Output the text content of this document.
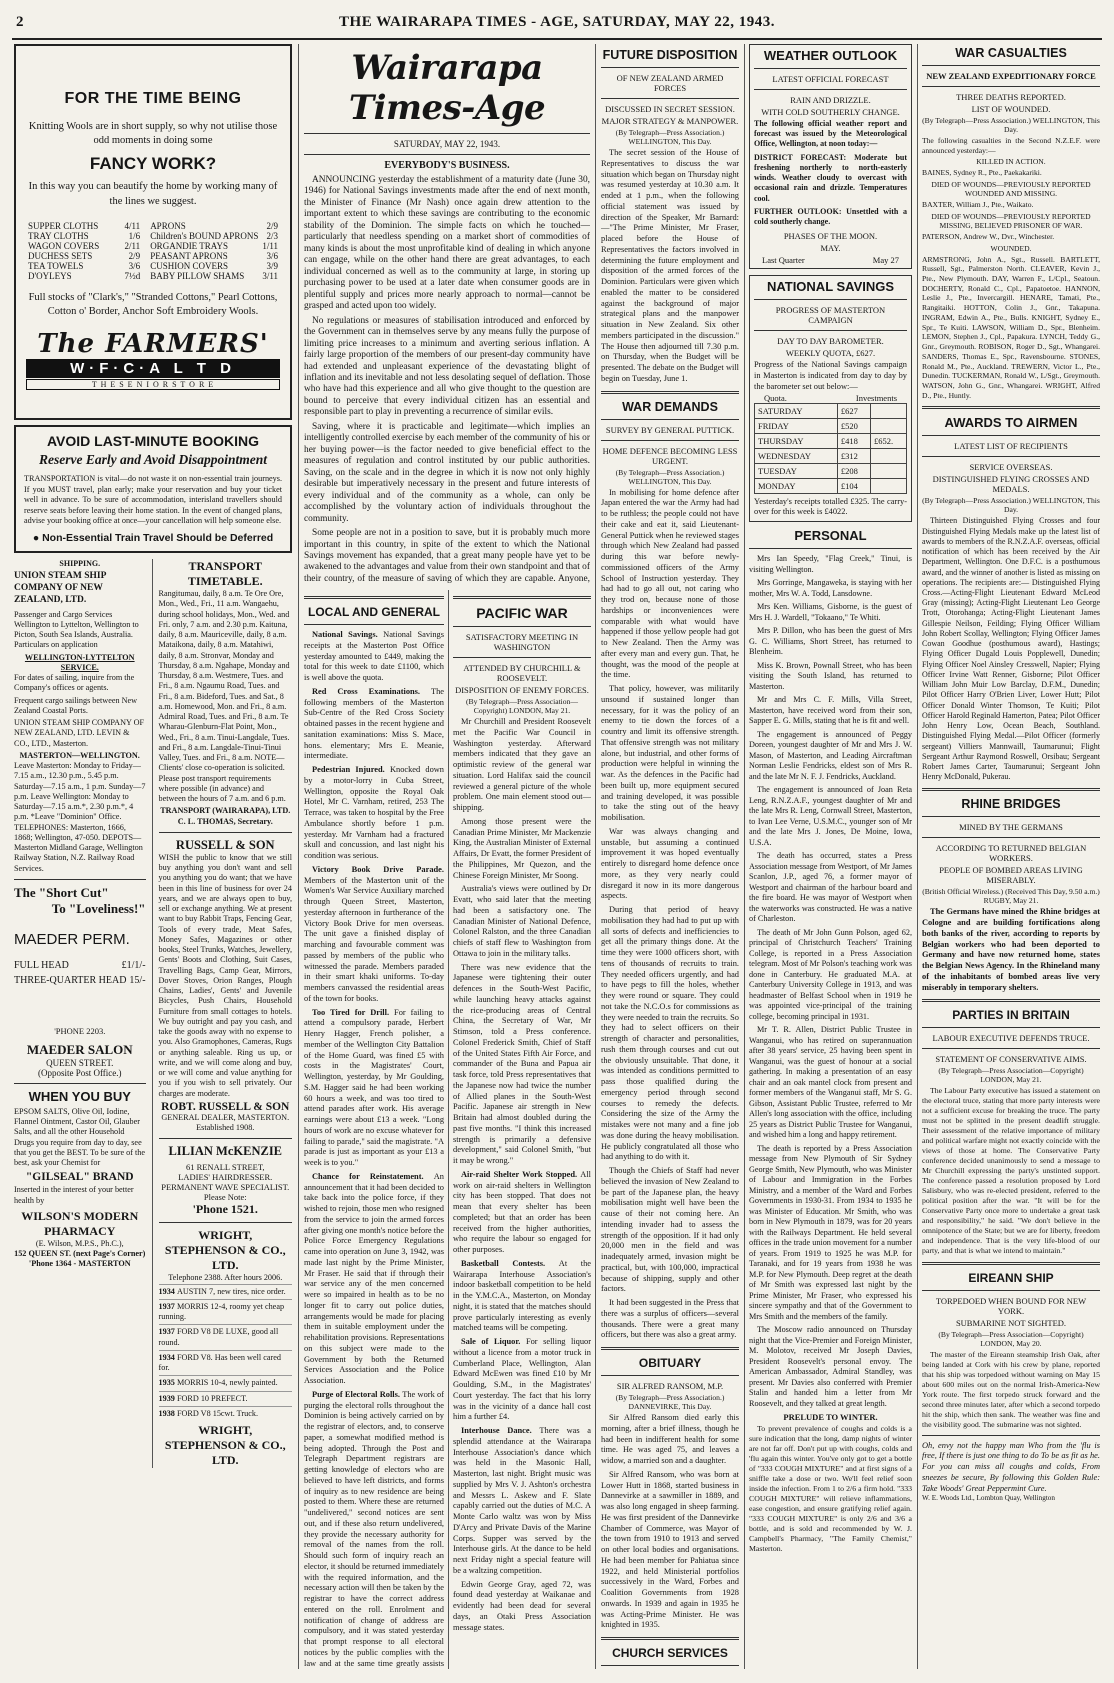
2	THE WAIRARAPA TIMES - AGE, SATURDAY, MAY 22, 1943.
FOR THE TIME BEING
Knitting Wools are in short supply, so why not utilise those odd moments in doing some
FANCY WORK?
In this way you can beautify the home by working many of the lines we suggest.
SUPPER CLOTHS	4/11
TRAY CLOTHS	1/6
WAGON COVERS	2/11
DUCHESS SETS	2/9
TEA TOWELS	3/6
D'OYLEYS	7½d
APRONS	2/9
Children's BOUND APRONS	2/3
ORGANDIE TRAYS	1/11
PEASANT APRONS	3/6
CUSHION COVERS	3/9
BABY PILLOW SHAMS	3/11
Full stocks of "Clark's," "Stranded Cottons," Pearl Cottons, Cotton o' Border, Anchor Soft Embroidery Wools.
The FARMERS'
W·F·C·A L T D
T H E S E N I O R S T O R E
AVOID LAST-MINUTE BOOKING
Reserve Early and Avoid Disappointment
TRANSPORTATION is vital—do not waste it on non-essential train journeys. If you MUST travel, plan early; make your reservation and buy your ticket well in advance. To be sure of accommodation, interisland travellers should reserve seats before leaving their home station. In the event of changed plans, advise your booking office at once—your cancellation will help someone else.
● Non-Essential Train Travel Should be Deferred
SHIPPING.
UNION STEAM SHIP COMPANY OF NEW ZEALAND, LTD.

Passenger and Cargo Services Wellington to Lyttelton, Wellington to Picton, South Sea Islands, Australia. Particulars on application

WELLINGTON-LYTTELTON SERVICE.

For dates of sailing, inquire from the Company's offices or agents.

Frequent cargo sailings between New Zealand Coastal Ports.

UNION STEAM SHIP COMPANY OF NEW ZEALAND, LTD. LEVIN & CO., LTD., Masterton.

MASTERTON—WELLINGTON.

Leave Masterton: Monday to Friday—7.15 a.m., 12.30 p.m., 5.45 p.m. Saturday—7.15 a.m., 1 p.m. Sunday—7 p.m. Leave Wellington: Monday to Saturday—7.15 a.m.*, 2.30 p.m.*, 4 p.m. *Leave "Dominion" Office. TELEPHONES: Masterton, 1666, 1868; Wellington, 47-050. DEPOTS—Masterton Midland Garage, Wellington Railway Station, N.Z. Railway Road Services.

The "Short Cut"
To "Loveliness!"
MAEDER PERM.
FULL HEAD	£1/1/-
THREE-QUARTER HEAD 15/-
'PHONE 2203.
MAEDER SALON
QUEEN STREET.
(Opposite Post Office.)
WHEN YOU BUY
EPSOM SALTS, Olive Oil, Iodine, Flannel Ointment, Castor Oil, Glauber Salts, and all the other Household Drugs you require from day to day, see that you get the BEST. To be sure of the best, ask your Chemist for
"GILSEAL" BRAND
Inserted in the interest of your better health by
WILSON'S MODERN PHARMACY
(E. Wilson, M.P.S., Ph.C.),
152 QUEEN ST. (next Page's Corner) 'Phone 1364 - MASTERTON
TRANSPORT TIMETABLE.
Rangitumau, daily, 8 a.m. Te Ore Ore, Mon., Wed., Fri., 11 a.m. Wangaehu, during school holidays, Mon., Wed. and Fri. only, 7 a.m. and 2.30 p.m. Kaituna, daily, 8 a.m. Mauriceville, daily, 8 a.m. Mataikona, daily, 8 a.m. Matahiwi, daily, 8 a.m. Stronvar, Monday and Thursday, 8 a.m. Ngahape, Monday and Thursday, 8 a.m. Westmere, Tues. and Fri., 8 a.m. Ngaumu Road, Tues. and Fri., 8 a.m. Bideford, Tues. and Sat., 8 a.m. Homewood, Mon. and Fri., 8 a.m. Admiral Road, Tues. and Fri., 8 a.m. Te Wharau-Glenburn-Flat Point, Mon., Wed., Fri., 8 a.m. Tinui-Langdale, Tues. and Fri., 8 a.m. Langdale-Tinui-Tinui Valley, Tues. and Fri., 8 a.m. NOTE—Clients' close co-operation is solicited. Please post transport requirements where possible (in advance) and between the hours of 7 a.m. and 6 p.m.
TRANSPORT (WAIRARAPA), LTD. C. L. THOMAS, Secretary.
RUSSELL & SON
WISH the public to know that we still buy anything you don't want and sell you anything you do want; that we have been in this line of business for over 24 years, and we are always open to buy, sell or exchange anything. We at present want to buy Rabbit Traps, Fencing Gear, Tools of every trade, Meat Safes, Money Safes, Magazines or other books, Steel Trunks, Watches, Jewellery, Gents' Boots and Clothing, Suit Cases, Travelling Bags, Camp Gear, Mirrors, Dover Stoves, Orion Ranges, Plough Chains, Ladies', Gents' and Juvenile Bicycles, Push Chairs, Household Furniture from small cottages to hotels. We buy outright and pay you cash, and take the goods away with no expense to you. Also Gramophones, Cameras, Rugs or anything saleable. Ring us up, or write, and we will come along and buy, or we will come and value anything for you if you wish to sell privately. Our charges are moderate.
ROBT. RUSSELL & SON
GENERAL DEALER, MASTERTON. Established 1908.
LILIAN McKENZIE
61 RENALL STREET,
LADIES' HAIRDRESSER.
PERMANENT WAVE SPECIALIST.
Please Note:
'Phone 1521.
WRIGHT, STEPHENSON & CO., LTD.
Telephone 2388. After hours 2006.
1934 AUSTIN 7, new tires, nice order.
1937 MORRIS 12-4, roomy yet cheap running.
1937 FORD V8 DE LUXE, good all round.
1934 FORD V8. Has been well cared for.
1935 MORRIS 10-4, newly painted.
1939 FORD 10 PREFECT.
1938 FORD V8 15cwt. Truck.
WRIGHT, STEPHENSON & CO., LTD.
Wairarapa Times-Age
SATURDAY, MAY 22, 1943.
EVERYBODY'S BUSINESS.

ANNOUNCING yesterday the establishment of a maturity date (June 30, 1946) for National Savings investments made after the end of next month, the Minister of Finance (Mr Nash) once again drew attention to the important extent to which these savings are contributing to the economic stability of the Dominion. The simple facts on which he touched—particularly that needless spending on a market short of commodities of many kinds is about the most unprofitable kind of dealing in which anyone can engage, while on the other hand there are great advantages, to each individual concerned as well as to the community at large, in storing up purchasing power to be used at a later date when consumer goods are in plentiful supply and prices more nearly approach to normal—cannot be grasped and acted upon too widely.

No regulations or measures of stabilisation introduced and enforced by the Government can in themselves serve by any means fully the purpose of limiting price increases to a minimum and averting serious inflation. A fairly large proportion of the members of our present-day community have had extended and unpleasant experience of the devastating blight of inflation and its inevitable and not less desolating sequel of deflation. Those who have had this experience and all who give thought to the question are bound to perceive that every individual citizen has an essential and responsible part to play in preventing a recurrence of similar evils.

Saving, where it is practicable and legitimate—which implies an intelligently controlled exercise by each member of the community of his or her buying power—is the factor needed to give beneficial effect to the measures of regulation and control instituted by our public authorities. Saving, on the scale and in the degree in which it is now not only highly desirable but imperatively necessary in the present and future interests of every individual and of the community as a whole, can only be accomplished by the voluntary action of individuals throughout the community.

Some people are not in a position to save, but it is probably much more important in this country, in spite of the extent to which the National Savings movement has expanded, that a great many people have yet to be awakened to the advantages and value from their own standpoint and that of their country, of the measure of saving of which they are capable. Anyone,

LOCAL AND GENERAL

National Savings. National Savings receipts at the Masterton Post Office yesterday amounted to £449, making the total for this week to date £1100, which is well above the quota.

Red Cross Examinations. The following members of the Masterton Sub-Centre of the Red Cross Society obtained passes in the recent hygiene and sanitation examinations: Miss S. Mace, hons. elementary; Mrs E. Meanie, intermediate.

Pedestrian Injured. Knocked down by a motor-lorry in Cuba Street, Wellington, opposite the Royal Oak Hotel, Mr C. Varnham, retired, 253 The Terrace, was taken to hospital by the Free Ambulance shortly before 1 p.m. yesterday. Mr Varnham had a fractured skull and concussion, and last night his condition was serious.

Victory Book Drive Parade. Members of the Masterton unit of the Women's War Service Auxiliary marched through Queen Street, Masterton, yesterday afternoon in furtherance of the Victory Book Drive for men overseas. The unit gave a finished display of marching and favourable comment was passed by members of the public who witnessed the parade. Members paraded in their smart khaki uniforms. To-day members canvassed the residential areas of the town for books.

Too Tired for Drill. For failing to attend a compulsory parade, Herbert Henry Hagger, French polisher, a member of the Wellington City Battalion of the Home Guard, was fined £5 with costs in the Magistrates' Court, Wellington, yesterday, by Mr Goulding, S.M. Hagger said he had been working 60 hours a week, and was too tired to attend parades after work. His average earnings were about £13 a week. "Long hours of work are no excuse whatever for failing to parade," said the magistrate. "A parade is just as important as your £13 a week is to you."

Chance for Reinstatement. An announcement that it had been decided to take back into the police force, if they wished to rejoin, those men who resigned from the service to join the armed forces after giving one month's notice before the Police Force Emergency Regulations came into operation on June 3, 1942, was made last night by the Prime Minister, Mr Fraser. He said that if through their war service any of the men concerned were so impaired in health as to be no longer fit to carry out police duties, arrangements would be made for placing them in suitable employment under the rehabilitation provisions. Representations on this subject were made to the Government by both the Returned Services Association and the Police Association.

Purge of Electoral Rolls. The work of purging the electoral rolls throughout the Dominion is being actively carried on by the registrar of electors, and, to conserve paper, a somewhat modified method is being adopted. Through the Post and Telegraph Department registrars are getting knowledge of electors who are believed to have left districts, and forms of inquiry as to new residence are being posted to them. Where these are returned "undelivered," second notices are sent out, and if these also return undelivered, they provide the necessary authority for removal of the names from the roll. Should such form of inquiry reach an elector, it should be returned immediately with the required information, and the necessary action will then be taken by the registrar to have the correct address entered on the roll. Enrolment and notification of change of address are compulsory, and it was stated yesterday that prompt response to all electoral notices by the public complies with the law and at the same time greatly assists

PACIFIC WAR
SATISFACTORY MEETING IN WASHINGTON
ATTENDED BY CHURCHILL & ROOSEVELT.
DISPOSITION OF ENEMY FORCES.
(By Telegraph—Press Association—Copyright) LONDON, May 21.

Mr Churchill and President Roosevelt met the Pacific War Council in Washington yesterday. Afterward members indicated that they gave an optimistic review of the general war situation. Lord Halifax said the council reviewed a general picture of the whole problem. One main element stood out—shipping.

Among those present were the Canadian Prime Minister, Mr Mackenzie King, the Australian Minister of External Affairs, Dr Evatt, the former President of the Philippines, Mr Quezon, and the Chinese Foreign Minister, Mr Soong.

Australia's views were outlined by Dr Evatt, who said later that the meeting had been a satisfactory one. The Canadian Minister of National Defence, Colonel Ralston, and the three Canadian chiefs of staff flew to Washington from Ottawa to join in the military talks.

There was new evidence that the Japanese were tightening their outer defences in the South-West Pacific, while launching heavy attacks against the rice-producing areas of Central China, the Secretary of War, Mr Stimson, told a Press conference. Colonel Frederick Smith, Chief of Staff of the United States Fifth Air Force, and commander of the Buna and Papua air task force, told Press representatives that the Japanese now had twice the number of Allied planes in the South-West Pacific. Japanese air strength in New Britain had almost doubled during the past five months. "I think this increased strength is primarily a defensive development," said Colonel Smith, "but it may be wrong."

Air-raid Shelter Work Stopped. All work on air-raid shelters in Wellington city has been stopped. That does not mean that every shelter has been completed; but that an order has been received from the higher authorities, who require the labour so engaged for other purposes.

Basketball Contests. At the Wairarapa Interhouse Association's indoor basketball competition to be held in the Y.M.C.A., Masterton, on Monday night, it is stated that the matches should prove particularly interesting as evenly matched teams will be competing.

Sale of Liquor. For selling liquor without a licence from a motor truck in Cumberland Place, Wellington, Alan Edward McEwen was fined £10 by Mr Goulding, S.M., in the Magistrates' Court yesterday. The fact that his lorry was in the vicinity of a dance hall cost him a further £4.

Interhouse Dance. There was a splendid attendance at the Wairarapa Interhouse Association's dance which was held in the Masonic Hall, Masterton, last night. Bright music was supplied by Mrs V. J. Ashton's orchestra and Messrs L. Askew and F. Slate capably carried out the duties of M.C. A Monte Carlo waltz was won by Miss D'Arcy and Private Davis of the Marine Corps. Supper was served by the Interhouse girls. At the dance to be held next Friday night a special feature will be a waltzing competition.

Edwin George Gray, aged 72, was found dead yesterday at Waikanae and evidently had been dead for several days, an Otaki Press Association message states.

FUTURE DISPOSITION
OF NEW ZEALAND ARMED FORCES
DISCUSSED IN SECRET SESSION.
MAJOR STRATEGY & MANPOWER.
(By Telegraph—Press Association.) WELLINGTON, This Day.

The secret session of the House of Representatives to discuss the war situation which began on Thursday night was resumed yesterday at 10.30 a.m. It ended at 1 p.m., when the following official statement was issued by direction of the Speaker, Mr Barnard:—"The Prime Minister, Mr Fraser, placed before the House of Representatives the factors involved in determining the future employment and disposition of the armed forces of the Dominion. Particulars were given which enabled the matter to be considered against the background of major strategical plans and the manpower situation in New Zealand. Six other members participated in the discussion." The House then adjourned till 7.30 p.m. on Thursday, when the Budget will be presented. The debate on the Budget will begin on Tuesday, June 1.

WAR DEMANDS
SURVEY BY GENERAL PUTTICK.
HOME DEFENCE BECOMING LESS URGENT.
(By Telegraph—Press Association.) WELLINGTON, This Day.

In mobilising for home defence after Japan entered the war the Army had had to be ruthless; the people could not have their cake and eat it, said Lieutenant-General Puttick when he reviewed stages through which New Zealand had passed during this war before newly-commissioned officers of the Army School of Instruction yesterday. They had had to go all out, not caring who they trod on, because none of those hardships or inconveniences were comparable with what would have happened if those yellow people had got to New Zealand. Then the Army was after every man and every gun. That, he thought, was the mood of the people at the time.

That policy, however, was militarily unsound if sustained longer than necessary, for it was the policy of an enemy to tie down the forces of a country and limit its offensive strength. That offensive strength was not military alone, but industrial, and other forms of production were helpful in winning the war. As the defences in the Pacific had been built up, more equipment secured and training developed, it was possible to take the sting out of the heavy mobilisation.

War was always changing and unstable, but assuming a continued improvement it was hoped eventually entirely to disregard home defence once more, as they very nearly could disregard it now in its more dangerous aspects.

During that period of heavy mobilisation they had had to put up with all sorts of defects and inefficiencies to get all the primary things done. At the time they were 1000 officers short, with tens of thousands of recruits to train. They needed officers urgently, and had to have pegs to fill the holes, whether they were round or square. They could not take the N.C.O.s for commissions as they were needed to train the recruits. So they had to select officers on their strength of character and personalities, rush them through courses and cut out the obviously unsuitable. That done, it was intended as conditions permitted to pass those qualified during the emergency period through second courses to remedy the defects. Considering the size of the Army the mistakes were not many and a fine job was done during the heavy mobilisation. He publicly congratulated all those who had anything to do with it.

Though the Chiefs of Staff had never believed the invasion of New Zealand to be part of the Japanese plan, the heavy mobilisation might well have been the cause of their not coming here. An intending invader had to assess the strength of the opposition. If it had only 20,000 men in the field and was inadequately armed, invasion might be practical, but, with 100,000, impractical because of shipping, supply and other factors.

It had been suggested in the Press that there was a surplus of officers—several thousands. There were a great many officers, but there was also a great army.

OBITUARY
SIR ALFRED RANSOM, M.P.
(By Telegraph—Press Association.) DANNEVIRKE, This Day.

Sir Alfred Ransom died early this morning, after a brief illness, though he had been in indifferent health for some time. He was aged 75, and leaves a widow, a married son and a daughter.

Sir Alfred Ransom, who was born at Lower Hutt in 1868, started business in Dannevirke at a sawmiller in 1889, and was also long engaged in sheep farming. He was first president of the Dannevirke Chamber of Commerce, was Mayor of the town from 1910 to 1913 and served on other local bodies and organisations. He had been member for Pahiatua since 1922, and held Ministerial portfolios successively in the Ward, Forbes and Coalition Governments from 1928 onwards. In 1939 and again in 1935 he was Acting-Prime Minister. He was knighted in 1935.

CHURCH SERVICES

WEATHER OUTLOOK
LATEST OFFICIAL FORECAST
RAIN AND DRIZZLE.
WITH COLD SOUTHERLY CHANGE.
The following official weather report and forecast was issued by the Meteorological Office, Wellington, at noon today:—
DISTRICT FORECAST: Moderate but freshening northerly to north-easterly winds. Weather cloudy to overcast with occasional rain and drizzle. Temperatures cool.
FURTHER OUTLOOK: Unsettled with a cold southerly change.
PHASES OF THE MOON.
MAY.
Last Quarter	May 27
NATIONAL SAVINGS
PROGRESS OF MASTERTON CAMPAIGN
DAY TO DAY BAROMETER.
WEEKLY QUOTA, £627.
Progress of the National Savings campaign in Masterton is indicated from day to day by the barometer set out below:—
Quota.	Investments
SATURDAY	£627	
FRIDAY	£520	
THURSDAY	£418	£652.
WEDNESDAY	£312	
TUESDAY	£208	
MONDAY	£104	
Yesterday's receipts totalled £325. The carry-over for this week is £4022.
PERSONAL

Mrs Ian Speedy, "Flag Creek," Tinui, is visiting Wellington.

Mrs Gorringe, Mangaweka, is staying with her mother, Mrs W. A. Todd, Lansdowne.

Mrs Ken. Williams, Gisborne, is the guest of Mrs H. J. Wardell, "Tokaano," Te Whiti.

Mrs P. Dillon, who has been the guest of Mrs G. C. Williams, Short Street, has returned to Blenheim.

Miss K. Brown, Pownall Street, who has been visiting the South Island, has returned to Masterton.

Mr and Mrs C. F. Mills, Villa Street, Masterton, have received word from their son, Sapper E. G. Mills, stating that he is fit and well.

The engagement is announced of Peggy Doreen, youngest daughter of Mr and Mrs J. W. Mason, of Masterton, and Leading Aircraftman Norman Leslie Fendricks, eldest son of Mrs R. and the late Mr N. F. J. Fendricks, Auckland.

The engagement is announced of Joan Reta Leng, R.N.Z.A.F., youngest daughter of Mr and the late Mrs R. Leng, Cornwall Street, Masterton, to Ivan Lee Verne, U.S.M.C., younger son of Mr and the late Mrs J. Jones, De Moine, Iowa, U.S.A.

The death has occurred, states a Press Association message from Westport, of Mr James Scanlon, J.P., aged 76, a former mayor of Westport and chairman of the harbour board and the fire board. He was mayor of Westport when the waterworks was constructed. He was a native of Charleston.

The death of Mr John Gunn Polson, aged 62, principal of Christchurch Teachers' Training College, is reported in a Press Association telegram. Most of Mr Polson's teaching work was done in Canterbury. He graduated M.A. at Canterbury University College in 1913, and was headmaster of Belfast School when in 1919 he was appointed vice-principal of the training college, becoming principal in 1931.

Mr T. R. Allen, District Public Trustee in Wanganui, who has retired on superannuation after 38 years' service, 25 having been spent in Wanganui, was the guest of honour at a social gathering. In making a presentation of an easy chair and an oak mantel clock from present and former members of the Wanganui staff, Mr S. G. Gibson, Assistant Public Trustee, referred to Mr Allen's long association with the office, including 25 years as District Public Trustee for Wanganui, and wished him a long and happy retirement.

The death is reported by a Press Association message from New Plymouth of Sir Sydney George Smith, New Plymouth, who was Minister of Labour and Immigration in the Forbes Ministry, and a member of the Ward and Forbes Governments in 1930-31. From 1934 to 1935 he was Minister of Education. Mr Smith, who was born in New Plymouth in 1879, was for 20 years with the Railways Department. He held several offices in the trade union movement for a number of years. From 1919 to 1925 he was M.P. for Taranaki, and for 19 years from 1938 he was M.P. for New Plymouth. Deep regret at the death of Mr Smith was expressed last night by the Prime Minister, Mr Fraser, who expressed his sincere sympathy and that of the Government to Mrs Smith and the members of the family.

The Moscow radio announced on Thursday night that the Vice-Premier and Foreign Minister, M. Molotov, received Mr Joseph Davies, President Roosevelt's personal envoy. The American Ambassador, Admiral Standley, was present. Mr Davies also conferred with Premier Stalin and handed him a letter from Mr Roosevelt, and they talked at great length.

PRELUDE TO WINTER.

To prevent prevalence of coughs and colds is a sure indication that the long, damp nights of winter are not far off. Don't put up with coughs, colds and 'flu again this winter. You've only got to get a bottle of "333 COUGH MIXTURE" and at first signs of a sniffle take a dose or two. We'll feel relief soon inside the infection. From 1 to 2/6 a firm hold. "333 COUGH MIXTURE" will relieve inflammations, ease congestion, and ensure gratifying relief again. "333 COUGH MIXTURE" is only 2/6 and 3/6 a bottle, and is sold and recommended by W. J. Campbell's Pharmacy, "The Family Chemist," Masterton.

WAR CASUALTIES
NEW ZEALAND EXPEDITIONARY FORCE
THREE DEATHS REPORTED.
LIST OF WOUNDED.
(By Telegraph—Press Association.) WELLINGTON, This Day.
The following casualties in the Second N.Z.E.F. were announced yesterday:—
KILLED IN ACTION.
BAINES, Sydney R., Pte., Paekakariki.
DIED OF WOUNDS—PREVIOUSLY REPORTED WOUNDED AND MISSING.
BAXTER, William J., Pte., Waikato.
DIED OF WOUNDS—PREVIOUSLY REPORTED MISSING, BELIEVED PRISONER OF WAR.
PATERSON, Andrew W., Dvr., Winchester.
WOUNDED.
ARMSTRONG, John A., Sgt., Russell. BARTLETT, Russell, Sgt., Palmerston North. CLEAVER, Kevin J., Pte., New Plymouth. DAY, Warren F., L/Cpl., Seatoun. DOCHERTY, Ronald C., Cpl., Papatoetoe. HANNON, Leslie J., Pte., Invercargill. HENARE, Tamati, Pte., Rangitaiki. HOTTON, Colin J., Gnr., Takapuna. INGRAM, Edwin A., Pte., Bulls. KNIGHT, Sydney E., Spr., Te Kuiti. LAWSON, William D., Spr., Blenheim. LEMON, Stephen J., Cpl., Papakura. LYNCH, Teddy G., Gnr., Greymouth. ROBISON, Roger D., Sgt., Whangarei. SANDERS, Thomas E., Spr., Ravensbourne. STONES, Ronald M., Pte., Auckland. TREWERN, Victor L., Pte., Dunedin. TUCKERMAN, Ronald W., L/Sgt., Greymouth. WATSON, John G., Gnr., Whangarei. WRIGHT, Alfred D., Pte., Huntly.
AWARDS TO AIRMEN
LATEST LIST OF RECIPIENTS
SERVICE OVERSEAS.
DISTINGUISHED FLYING CROSSES AND MEDALS.
(By Telegraph—Press Association.) WELLINGTON, This Day.

Thirteen Distinguished Flying Crosses and four Distinguished Flying Medals make up the latest list of awards to members of the R.N.Z.A.F. overseas, official notification of which has been received by the Air Department, Wellington. One D.F.C. is a posthumous award, and the winner of another is listed as missing on operations. The recipients are:— Distinguished Flying Cross.—Acting-Flight Lieutenant Edward McLeod Gray (missing); Acting-Flight Lieutenant Leo George Trott, Otorohanga; Acting-Flight Lieutenant James Gillespie Neilson, Feilding; Flying Officer William John Robert Scollay, Wellington; Flying Officer James Cowan Goodhue (posthumous award), Hastings; Flying Officer Dugald Louis Popplewell, Dunedin; Flying Officer Noel Ainsley Cresswell, Napier; Flying Officer Irvine Watt Renner, Gisborne; Pilot Officer William John Muir Low Barclay, D.F.M., Dunedin; Pilot Officer Harry O'Brien Liver, Lower Hutt; Pilot Officer Donald Winter Thomson, Te Kuiti; Pilot Officer Harold Reginald Hamerton, Patea; Pilot Officer John Henry Low, Ocean Beach, Southland. Distinguished Flying Medal.—Pilot Officer (formerly sergeant) Villiers Mannwaill, Taumarunui; Flight Sergeant Arthur Raymond Roswell, Orsibau; Sergeant Robert James Carter, Taumarunui; Sergeant John Henry McDonald, Pukerau.

RHINE BRIDGES
MINED BY THE GERMANS
ACCORDING TO RETURNED BELGIAN WORKERS.
PEOPLE OF BOMBED AREAS LIVING MISERABLY.
(British Official Wireless.) (Received This Day, 9.50 a.m.) RUGBY, May 21.

The Germans have mined the Rhine bridges at Cologne and are building fortifications along both banks of the river, according to reports by Belgian workers who had been deported to Germany and have now returned home, states the Belgian News Agency. In the Rhineland many of the inhabitants of bombed areas live very miserably in temporary shelters.

PARTIES IN BRITAIN
LABOUR EXECUTIVE DEFENDS TRUCE.
STATEMENT OF CONSERVATIVE AIMS.
(By Telegraph—Press Association—Copyright) LONDON, May 21.

The Labour Party executive has issued a statement on the electoral truce, stating that more party interests were not a sufficient excuse for breaking the truce. The party must not be splitted in the present deadlift struggle. Their assessment of the relative importance of military and political warfare might not exactly coincide with the views of those at home. The Conservative Party conference decided unanimously to send a message to Mr Churchill expressing the party's unstinted support. The conference passed a resolution proposed by Lord Salisbury, who was re-elected president, referred to the political position after the war. "It will be for the Conservative Party once more to undertake a great task and responsibility," he said. "We don't believe in the omnipotence of the State; but we are for liberty, freedom and independence. That is the very life-blood of our party, and that is what we intend to maintain."

EIREANN SHIP
TORPEDOED WHEN BOUND FOR NEW YORK.
SUBMARINE NOT SIGHTED.
(By Telegraph—Press Association—Copyright) LONDON, May 20.

The master of the Eireann steamship Irish Oak, after being landed at Cork with his crew by plane, reported that his ship was torpedoed without warning on May 15 about 600 miles out on the normal Irish-America-New York route. The first torpedo struck forward and the second three minutes later, after which a second torpedo hit the ship, which then sank. The weather was fine and the visibility good. The submarine was not sighted.

Oh, envy not the happy man Who from the 'flu is free, If there is just one thing to do To be as fit as he. For you can miss all coughs and colds, From sneezes be secure, By following this Golden Rule: Take Woods' Great Peppermint Cure.
W. E. Woods Ltd., Lombton Quay, Wellington
